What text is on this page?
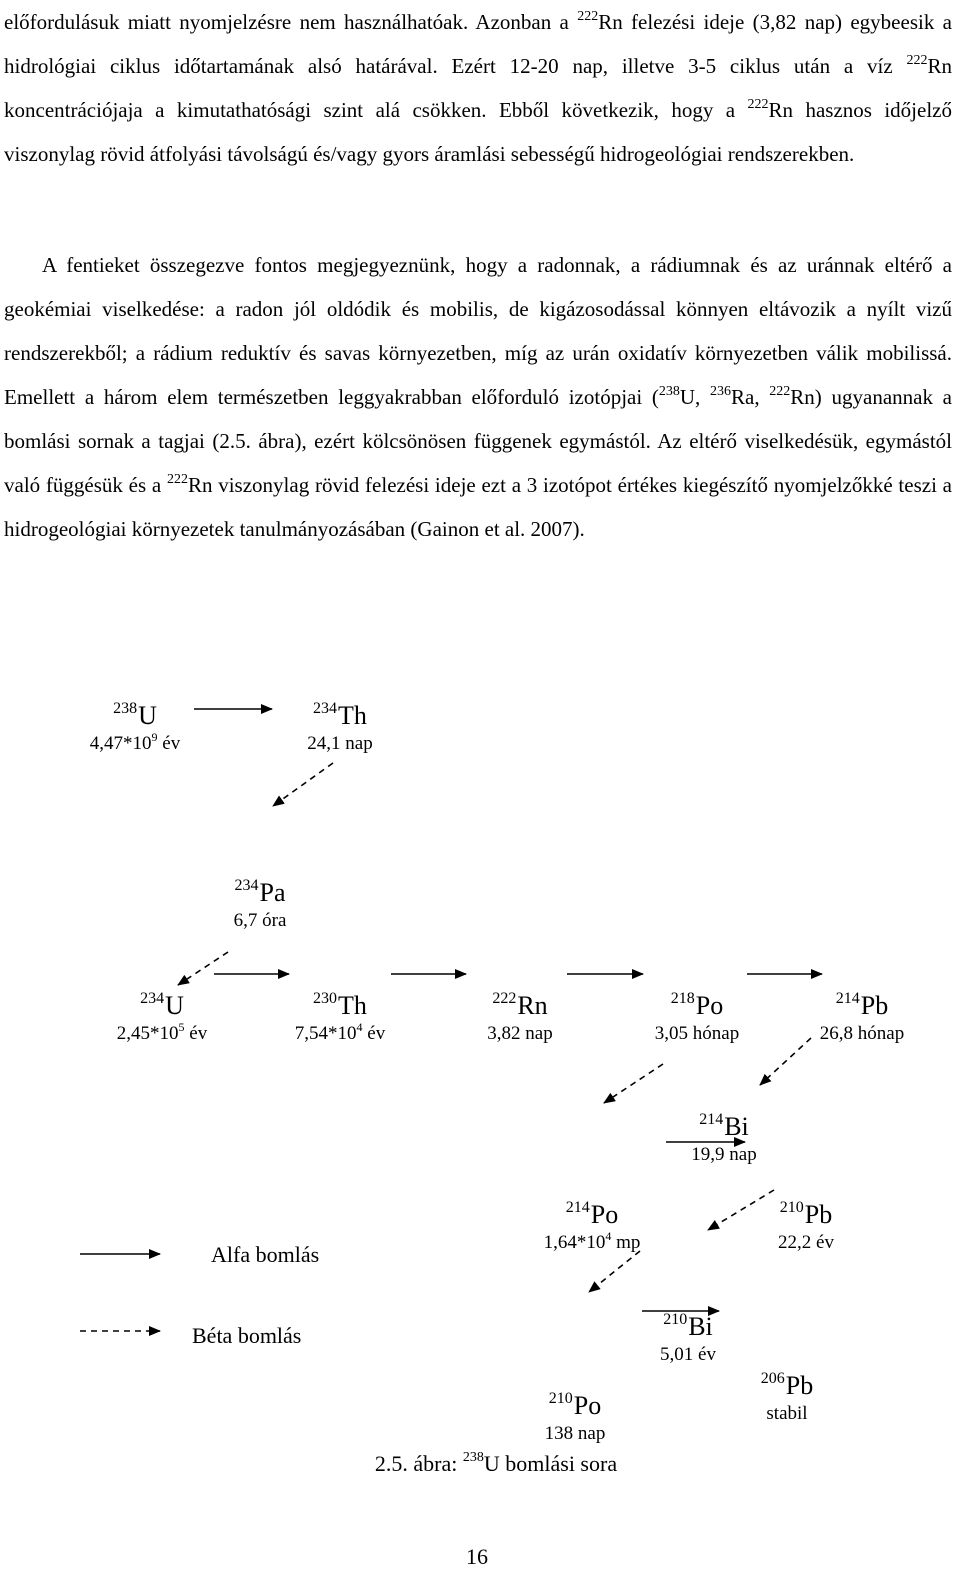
előfordulásuk miatt nyomjelzésre nem használhatóak. Azonban a $^{222}$Rn felezési ideje (3,82 nap) egybeesik a hidrológiai ciklus időtartamának alsó határával. Ezért 12-20 nap, illetve 3-5 ciklus után a víz $^{222}$Rn koncentrációjaja a kimutathatósági szint alá csökken. Ebből következik, hogy a $^{222}$Rn hasznos időjelző viszonylag rövid átfolyási távolságú és/vagy gyors áramlási sebességű hidrogeológiai rendszerekben.

A fentieket összegezve fontos megjegyeznünk, hogy a radonnak, a rádiumnak és az uránnak eltérő a geokémiai viselkedése: a radon jól oldódik és mobilis, de kigázosodással könnyen eltávozik a nyílt vizű rendszerekből; a rádium reduktív és savas környezetben, míg az urán oxidatív környezetben válik mobilissá. Emellett a három elem természetben leggyakrabban előforduló izotópjai ($^{238}$U, $^{236}$Ra, $^{222}$Rn) ugyanannak a bomlási sornak a tagjai (2.5. ábra), ezért kölcsönösen függenek egymástól. Az eltérő viselkedésük, egymástól való függésük és a $^{222}$Rn viszonylag rövid felezési ideje ezt a 3 izotópot értékes kiegészítő nyomjelzőkké teszi a hidrogeológiai környezetek tanulmányozásában (Gainon et al. 2007).

$^{238}$U
$4,47*10^9$ év
$^{234}$Th
24,1 nap
$^{234}$Pa
6,7 óra
$^{234}$U
$2,45*10^5$ év
$^{230}$Th
$7,54*10^4$ év
$^{222}$Rn
3,82 nap
$^{218}$Po
3,05 hónap
$^{214}$Pb
26,8 hónap
$^{214}$Bi
19,9 nap
$^{214}$Po
$1,64*10^4$ mp
$^{210}$Pb
22,2 év
$^{210}$Bi
5,01 év
$^{210}$Po
138 nap
$^{206}$Pb
stabil
Alfa bomlás
Béta bomlás
2.5. ábra: $^{238}$U bomlási sora
16
